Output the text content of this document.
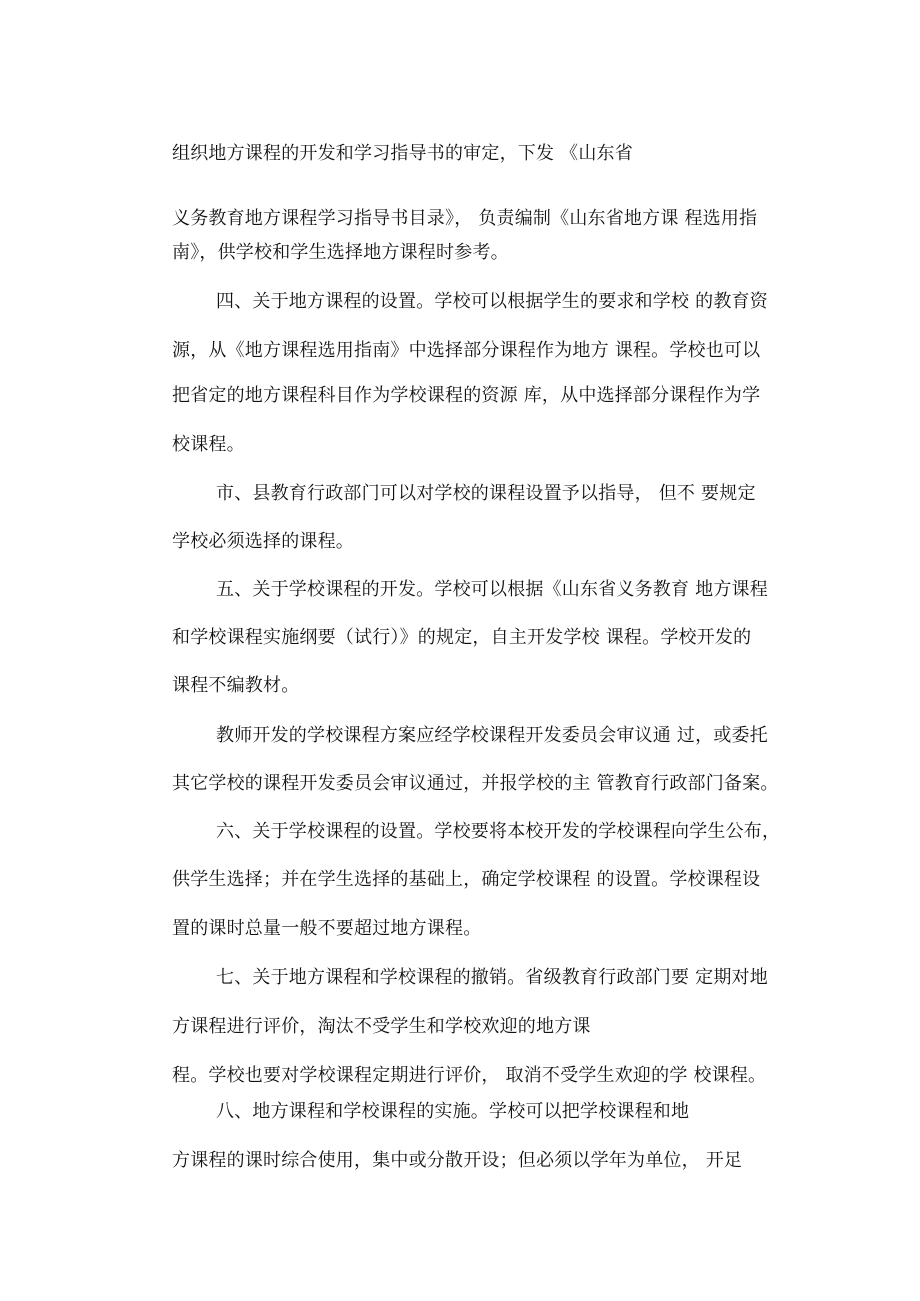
组织地方课程的开发和学习指导书的审定，下发 《山东省
义务教育地方课程学习指导书目录》， 负责编制《山东省地方课 程选用指
南》，供学校和学生选择地方课程时参考。
四、关于地方课程的设置。学校可以根据学生的要求和学校 的教育资
源，从《地方课程选用指南》中选择部分课程作为地方 课程。学校也可以
把省定的地方课程科目作为学校课程的资源 库，从中选择部分课程作为学
校课程。
市、县教育行政部门可以对学校的课程设置予以指导， 但不 要规定
学校必须选择的课程。
五、关于学校课程的开发。学校可以根据《山东省义务教育 地方课程
和学校课程实施纲要（试行）》的规定，自主开发学校 课程。学校开发的
课程不编教材。
教师开发的学校课程方案应经学校课程开发委员会审议通 过，或委托
其它学校的课程开发委员会审议通过，并报学校的主 管教育行政部门备案。
六、关于学校课程的设置。学校要将本校开发的学校课程向学生公布，
供学生选择；并在学生选择的基础上，确定学校课程 的设置。学校课程设
置的课时总量一般不要超过地方课程。
七、关于地方课程和学校课程的撤销。省级教育行政部门要 定期对地
方课程进行评价，淘汰不受学生和学校欢迎的地方课
程。学校也要对学校课程定期进行评价， 取消不受学生欢迎的学 校课程。
八、地方课程和学校课程的实施。学校可以把学校课程和地
方课程的课时综合使用，集中或分散开设；但必须以学年为单位， 开足
